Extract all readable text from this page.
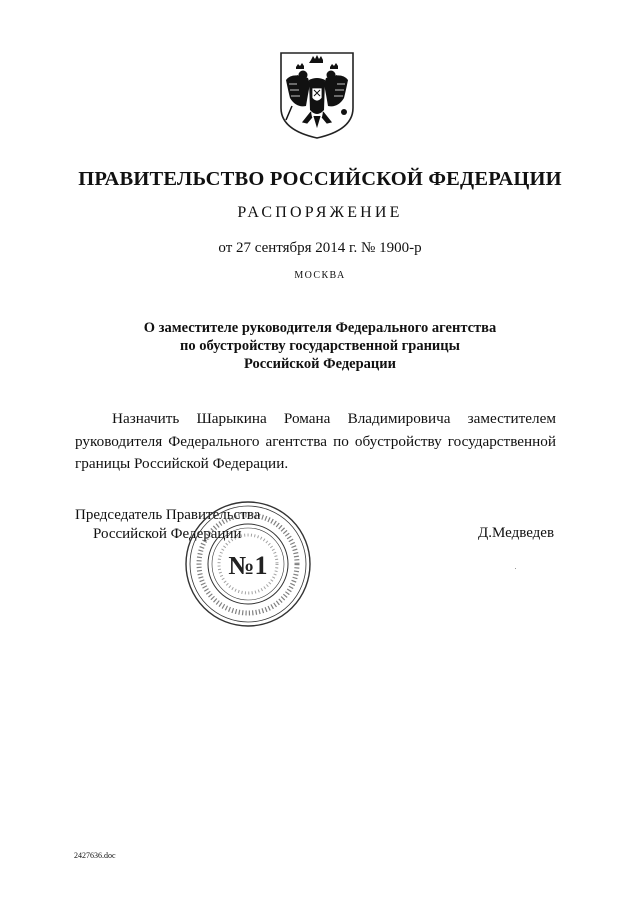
ПРАВИТЕЛЬСТВО РОССИЙСКОЙ ФЕДЕРАЦИИ
РАСПОРЯЖЕНИЕ
от 27 сентября 2014 г. № 1900-р
МОСКВА
О заместителе руководителя Федерального агентства
по обустройству государственной границы
Российской Федерации
Назначить Шарыкина Романа Владимировича заместителем
руководителя Федерального агентства по обустройству государственной
границы Российской Федерации.
Председатель Правительства
Российской Федерации	Д.Медведев
№1
2427636.doc
